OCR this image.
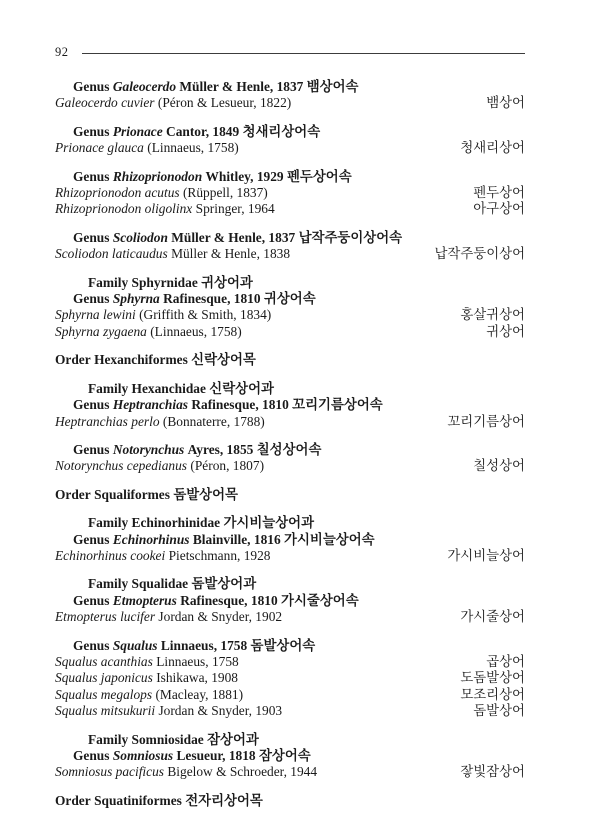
92
Genus Galeocerdo Müller & Henle, 1837 뱀상어속
Galeocerdo cuvier (Péron & Lesueur, 1822)	뱀상어
Genus Prionace Cantor, 1849 청새리상어속
Prionace glauca (Linnaeus, 1758)	청새리상어
Genus Rhizoprionodon Whitley, 1929 펜두상어속
Rhizoprionodon acutus (Rüppell, 1837)	펜두상어
Rhizoprionodon oligolinx Springer, 1964	아구상어
Genus Scoliodon Müller & Henle, 1837 납작주둥이상어속
Scoliodon laticaudus Müller & Henle, 1838	납작주둥이상어
Family Sphyrnidae 귀상어과
Genus Sphyrna Rafinesque, 1810 귀상어속
Sphyrna lewini (Griffith & Smith, 1834)	홍살귀상어
Sphyrna zygaena (Linnaeus, 1758)	귀상어
Order Hexanchiformes 신락상어목
Family Hexanchidae 신락상어과
Genus Heptranchias Rafinesque, 1810 꼬리기름상어속
Heptranchias perlo (Bonnaterre, 1788)	꼬리기름상어
Genus Notorynchus Ayres, 1855 칠성상어속
Notorynchus cepedianus (Péron, 1807)	칠성상어
Order Squaliformes 돔발상어목
Family Echinorhinidae 가시비늘상어과
Genus Echinorhinus Blainville, 1816 가시비늘상어속
Echinorhinus cookei Pietschmann, 1928	가시비늘상어
Family Squalidae 돔발상어과
Genus Etmopterus Rafinesque, 1810 가시줄상어속
Etmopterus lucifer Jordan & Snyder, 1902	가시줄상어
Genus Squalus Linnaeus, 1758 돔발상어속
Squalus acanthias Linnaeus, 1758	곱상어
Squalus japonicus Ishikawa, 1908	도돔발상어
Squalus megalops (Macleay, 1881)	모조리상어
Squalus mitsukurii Jordan & Snyder, 1903	돔발상어
Family Somniosidae 잠상어과
Genus Somniosus Lesueur, 1818 잠상어속
Somniosus pacificus Bigelow & Schroeder, 1944	잫빛잠상어
Order Squatiniformes 전자리상어목
